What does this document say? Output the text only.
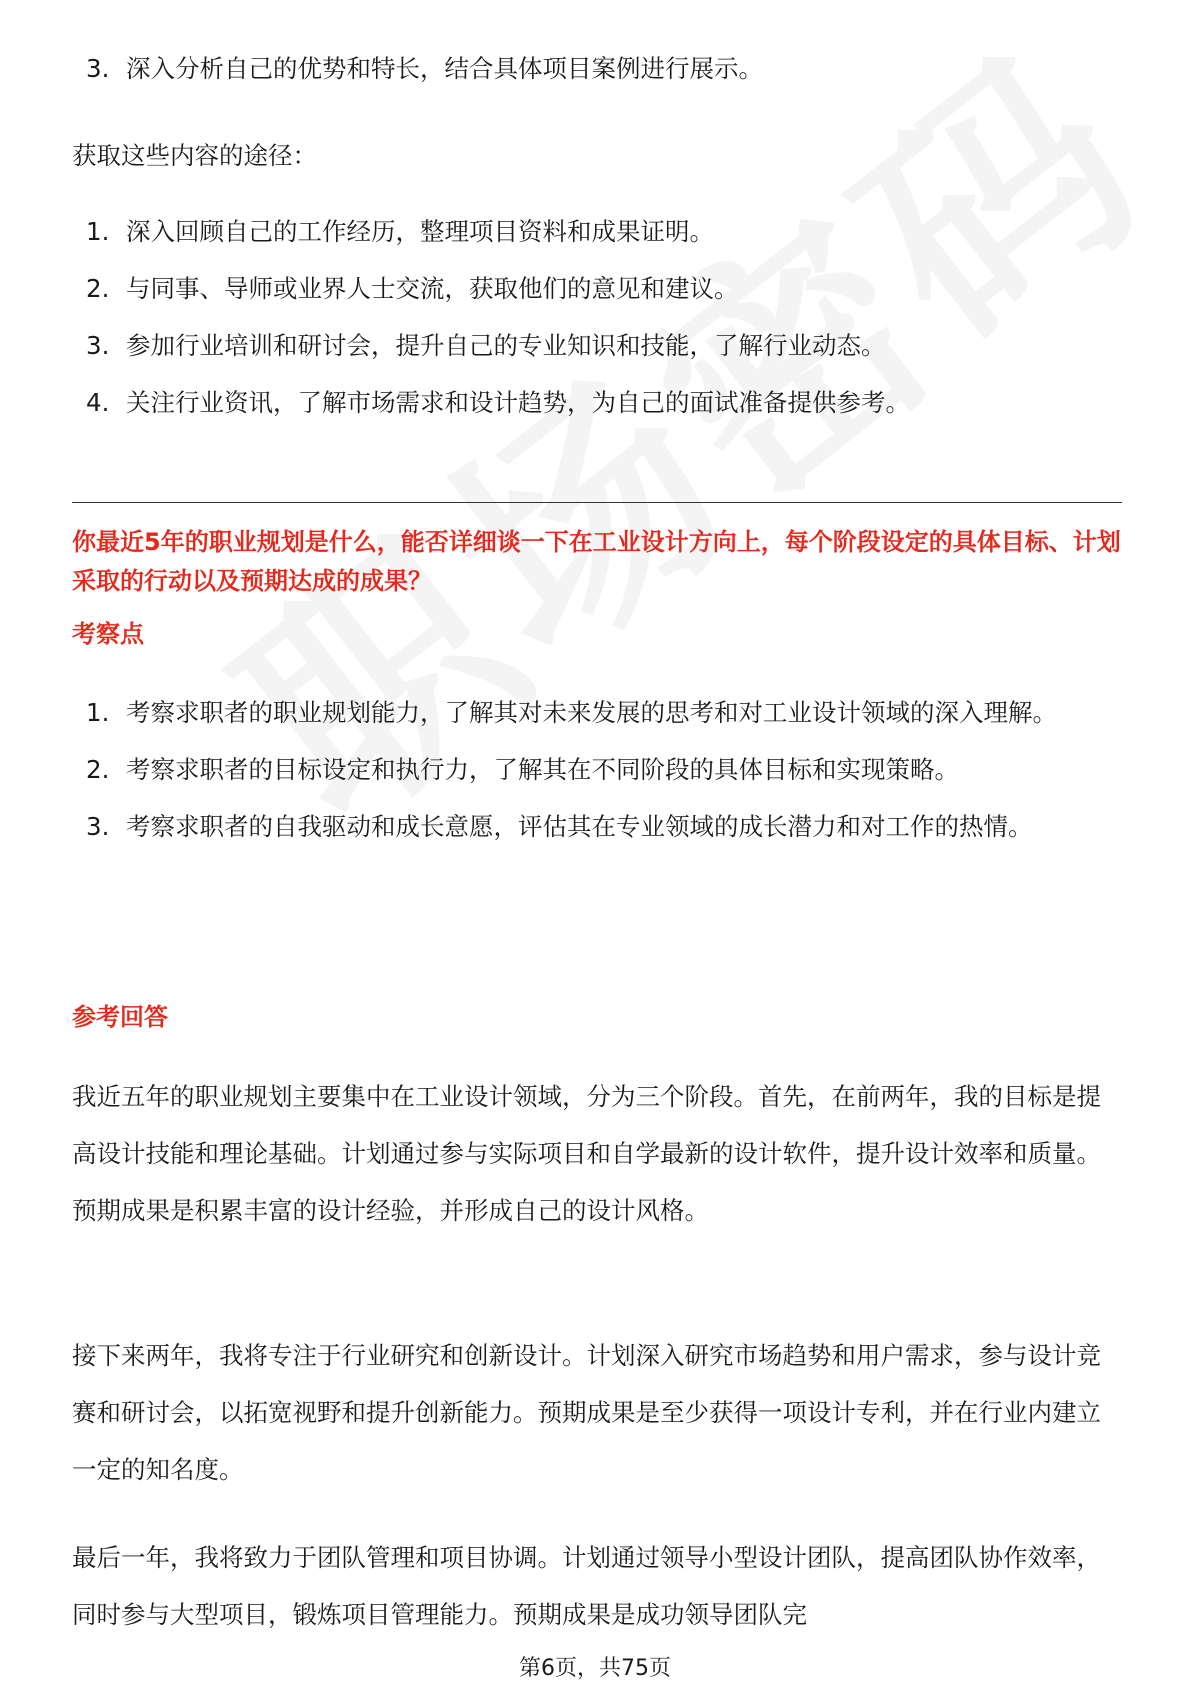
3. 深入分析自己的优势和特长，结合具体项目案例进行展示。

获取这些内容的途径：

1. 深入回顾自己的工作经历，整理项目资料和成果证明。
2. 与同事、导师或业界人士交流，获取他们的意见和建议。
3. 参加行业培训和研讨会，提升自己的专业知识和技能，了解行业动态。
4. 关注行业资讯，了解市场需求和设计趋势，为自己的面试准备提供参考。

你最近5年的职业规划是什么，能否详细谈一下在工业设计方向上，每个阶段设定的具体目标、计划采取的行动以及预期达成的成果？

考察点

1. 考察求职者的职业规划能力，了解其对未来发展的思考和对工业设计领域的深入理解。
2. 考察求职者的目标设定和执行力，了解其在不同阶段的具体目标和实现策略。
3. 考察求职者的自我驱动和成长意愿，评估其在专业领域的成长潜力和对工作的热情。

参考回答

我近五年的职业规划主要集中在工业设计领域，分为三个阶段。首先，在前两年，我的目标是提高设计技能和理论基础。计划通过参与实际项目和自学最新的设计软件，提升设计效率和质量。预期成果是积累丰富的设计经验，并形成自己的设计风格。

接下来两年，我将专注于行业研究和创新设计。计划深入研究市场趋势和用户需求，参与设计竞赛和研讨会，以拓宽视野和提升创新能力。预期成果是至少获得一项设计专利，并在行业内建立一定的知名度。

最后一年，我将致力于团队管理和项目协调。计划通过领导小型设计团队，提高团队协作效率，同时参与大型项目，锻炼项目管理能力。预期成果是成功领导团队完

第6页，共75页
